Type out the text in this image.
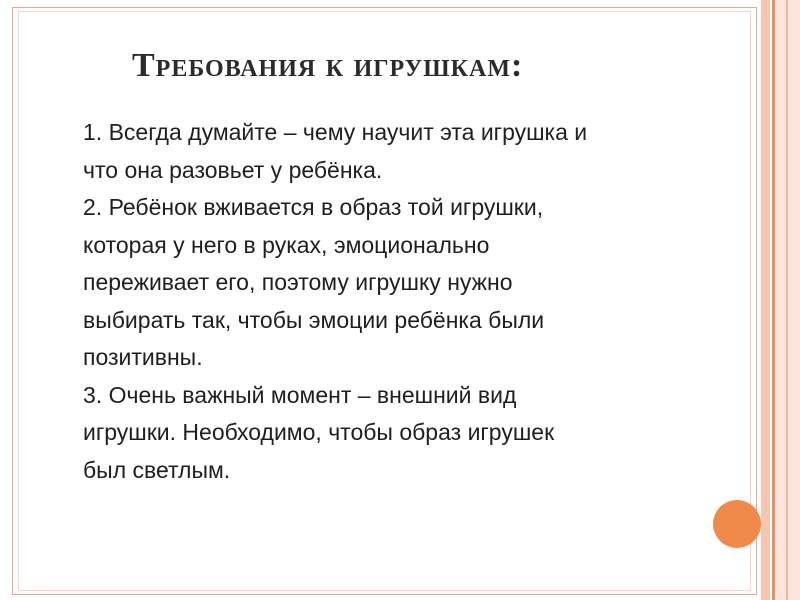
Требования к игрушкам:

1. Всегда думайте – чему научит эта игрушка и
что она разовьет у ребёнка.

2. Ребёнок вживается в образ той игрушки,
которая у него в руках, эмоционально
переживает его, поэтому игрушку нужно
выбирать так, чтобы эмоции ребёнка были
позитивны.

3. Очень важный момент – внешний вид
игрушки. Необходимо, чтобы образ игрушек
был светлым.
